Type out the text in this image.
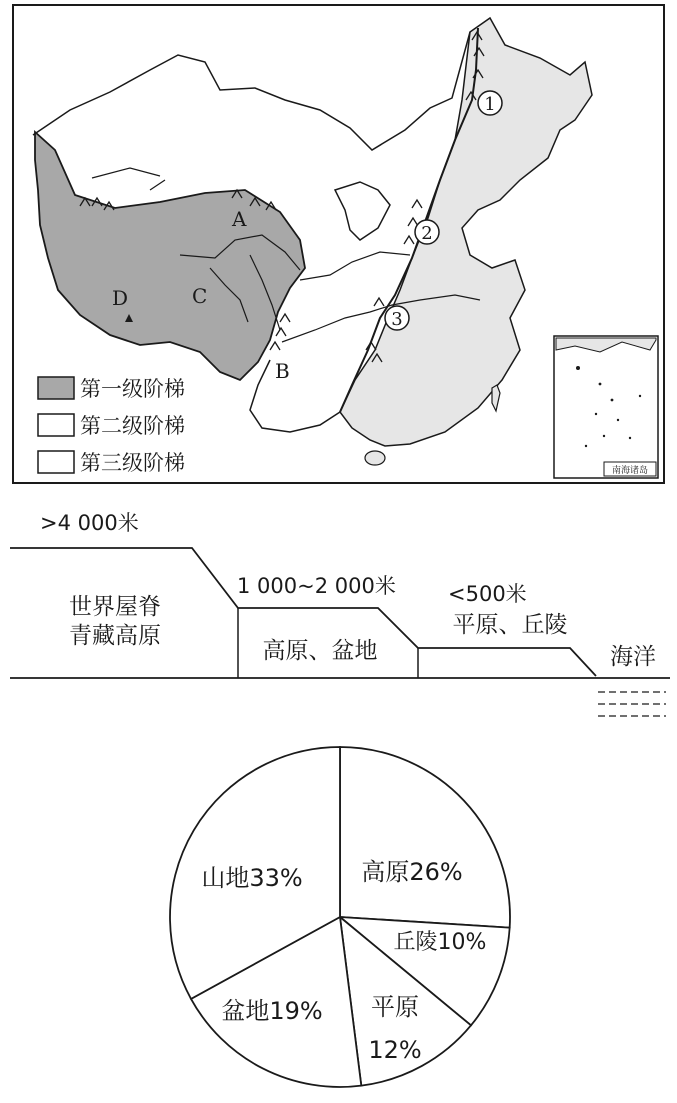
1
2
3
A
B
C
D
南海诸岛
第一级阶梯
第二级阶梯
第三级阶梯
>4 000米
世界屋脊
青藏高原
1 000~2 000米
高原、盆地
<500米
平原、丘陵
海洋
山地33% 高原26%
丘陵10%
平原
12%
盆地19%
